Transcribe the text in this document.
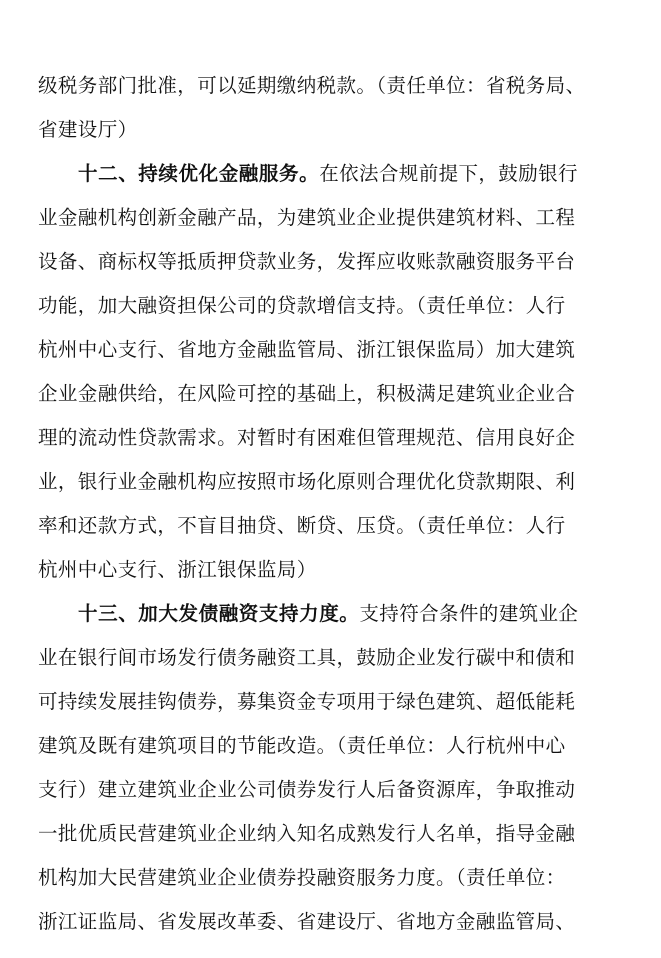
级税务部门批准，可以延期缴纳税款。（责任单位：省税务局、
省建设厅）
十二、持续优化金融服务。在依法合规前提下，鼓励银行
业金融机构创新金融产品，为建筑业企业提供建筑材料、工程
设备、商标权等抵质押贷款业务，发挥应收账款融资服务平台
功能，加大融资担保公司的贷款增信支持。（责任单位：人行
杭州中心支行、省地方金融监管局、浙江银保监局）加大建筑
企业金融供给，在风险可控的基础上，积极满足建筑业企业合
理的流动性贷款需求。对暂时有困难但管理规范、信用良好企
业，银行业金融机构应按照市场化原则合理优化贷款期限、利
率和还款方式，不盲目抽贷、断贷、压贷。（责任单位：人行
杭州中心支行、浙江银保监局）
十三、加大发债融资支持力度。支持符合条件的建筑业企
业在银行间市场发行债务融资工具，鼓励企业发行碳中和债和
可持续发展挂钩债券，募集资金专项用于绿色建筑、超低能耗
建筑及既有建筑项目的节能改造。（责任单位：人行杭州中心
支行）建立建筑业企业公司债券发行人后备资源库，争取推动
一批优质民营建筑业企业纳入知名成熟发行人名单，指导金融
机构加大民营建筑业企业债券投融资服务力度。（责任单位：
浙江证监局、省发展改革委、省建设厅、省地方金融监管局、
